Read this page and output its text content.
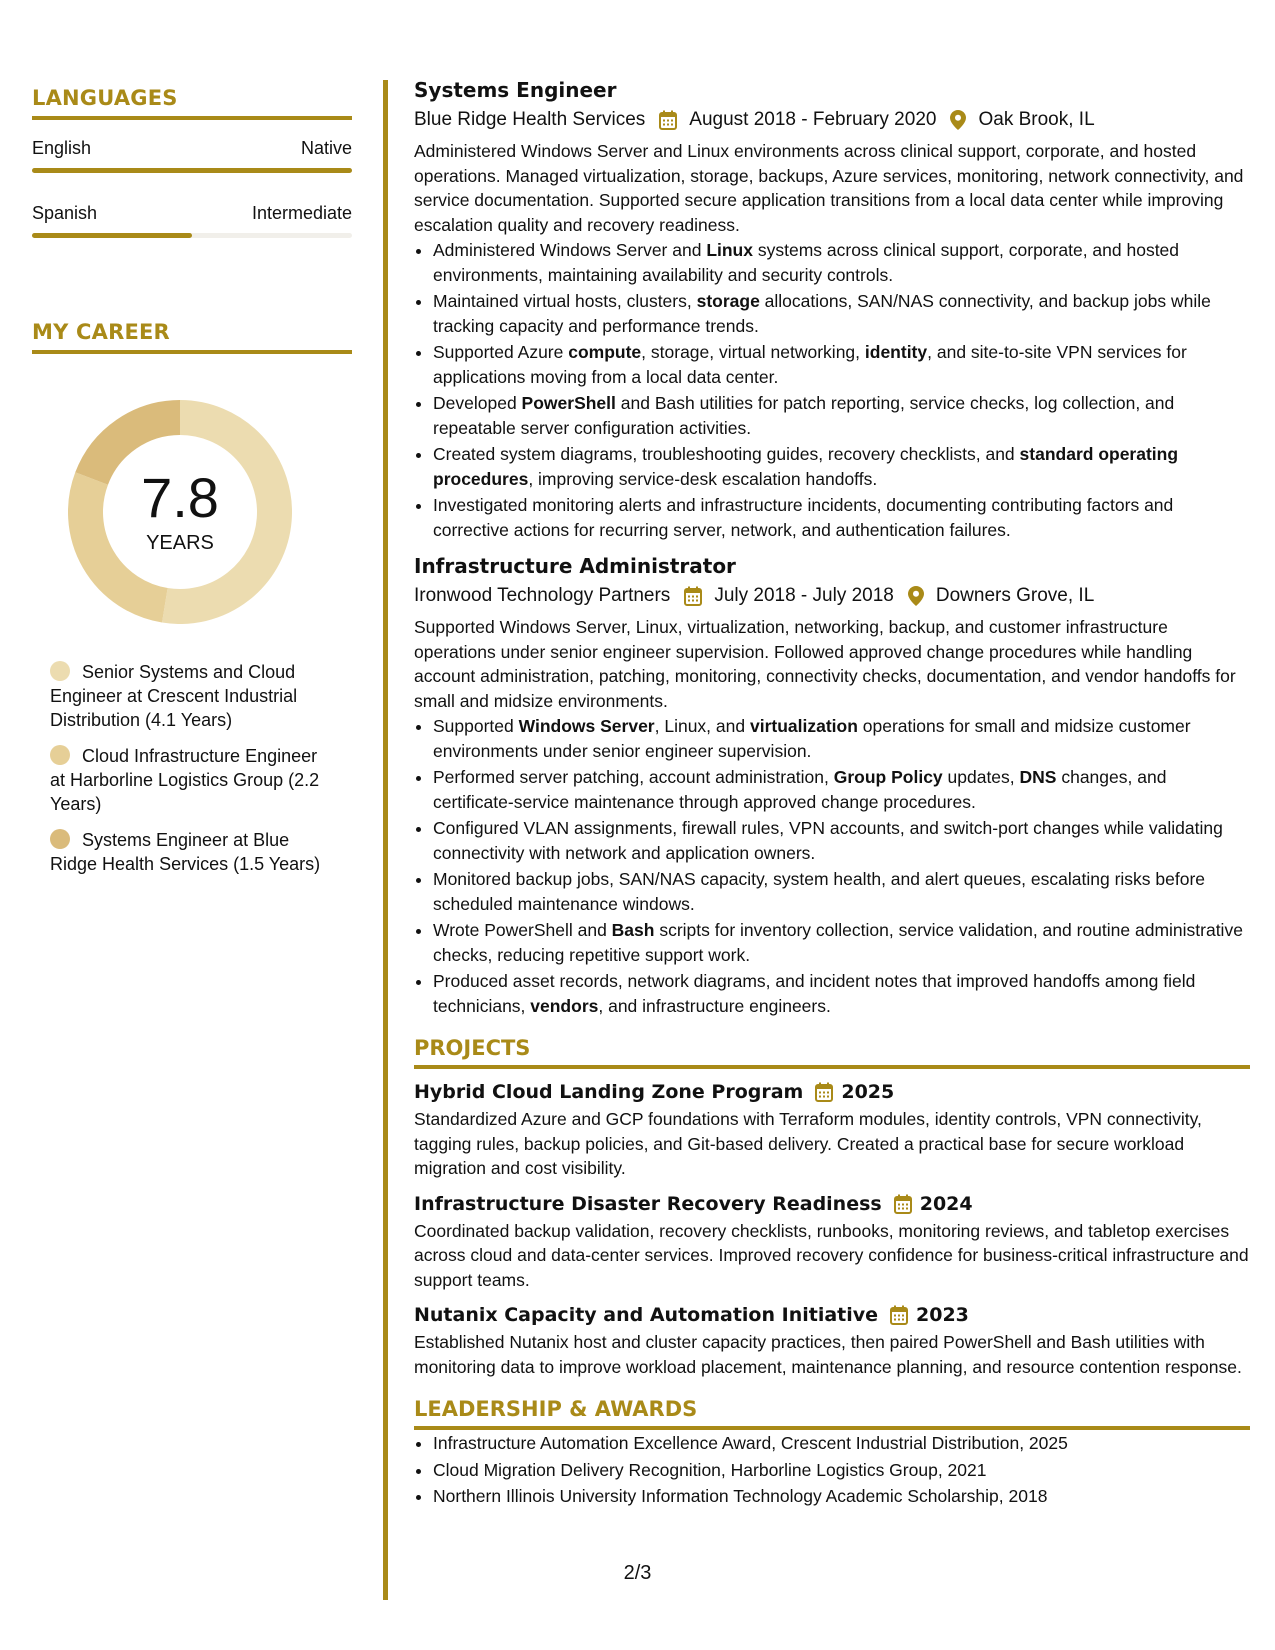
LANGUAGES
English	Native
Spanish	Intermediate
MY CAREER
7.8
YEARS
Senior Systems and Cloud Engineer at Crescent Industrial Distribution (4.1 Years)
Cloud Infrastructure Engineer at Harborline Logistics Group (2.2 Years)
Systems Engineer at Blue Ridge Health Services (1.5 Years)
Systems Engineer
Blue Ridge Health Services August 2018 - February 2020 Oak Brook, IL
Administered Windows Server and Linux environments across clinical support, corporate, and hosted operations. Managed virtualization, storage, backups, Azure services, monitoring, network connectivity, and service documentation. Supported secure application transitions from a local data center while improving escalation quality and recovery readiness.
• Administered Windows Server and Linux systems across clinical support, corporate, and hosted environments, maintaining availability and security controls.
• Maintained virtual hosts, clusters, storage allocations, SAN/NAS connectivity, and backup jobs while tracking capacity and performance trends.
• Supported Azure compute, storage, virtual networking, identity, and site-to-site VPN services for applications moving from a local data center.
• Developed PowerShell and Bash utilities for patch reporting, service checks, log collection, and repeatable server configuration activities.
• Created system diagrams, troubleshooting guides, recovery checklists, and standard operating procedures, improving service-desk escalation handoffs.
• Investigated monitoring alerts and infrastructure incidents, documenting contributing factors and corrective actions for recurring server, network, and authentication failures.
Infrastructure Administrator
Ironwood Technology Partners July 2018 - July 2018 Downers Grove, IL
Supported Windows Server, Linux, virtualization, networking, backup, and customer infrastructure operations under senior engineer supervision. Followed approved change procedures while handling account administration, patching, monitoring, connectivity checks, documentation, and vendor handoffs for small and midsize environments.
• Supported Windows Server, Linux, and virtualization operations for small and midsize customer environments under senior engineer supervision.
• Performed server patching, account administration, Group Policy updates, DNS changes, and certificate-service maintenance through approved change procedures.
• Configured VLAN assignments, firewall rules, VPN accounts, and switch-port changes while validating connectivity with network and application owners.
• Monitored backup jobs, SAN/NAS capacity, system health, and alert queues, escalating risks before scheduled maintenance windows.
• Wrote PowerShell and Bash scripts for inventory collection, service validation, and routine administrative checks, reducing repetitive support work.
• Produced asset records, network diagrams, and incident notes that improved handoffs among field technicians, vendors, and infrastructure engineers.
PROJECTS
Hybrid Cloud Landing Zone Program 2025
Standardized Azure and GCP foundations with Terraform modules, identity controls, VPN connectivity, tagging rules, backup policies, and Git-based delivery. Created a practical base for secure workload migration and cost visibility.
Infrastructure Disaster Recovery Readiness 2024
Coordinated backup validation, recovery checklists, runbooks, monitoring reviews, and tabletop exercises across cloud and data-center services. Improved recovery confidence for business-critical infrastructure and support teams.
Nutanix Capacity and Automation Initiative 2023
Established Nutanix host and cluster capacity practices, then paired PowerShell and Bash utilities with monitoring data to improve workload placement, maintenance planning, and resource contention response.
LEADERSHIP & AWARDS
• Infrastructure Automation Excellence Award, Crescent Industrial Distribution, 2025
• Cloud Migration Delivery Recognition, Harborline Logistics Group, 2021
• Northern Illinois University Information Technology Academic Scholarship, 2018
2/3
